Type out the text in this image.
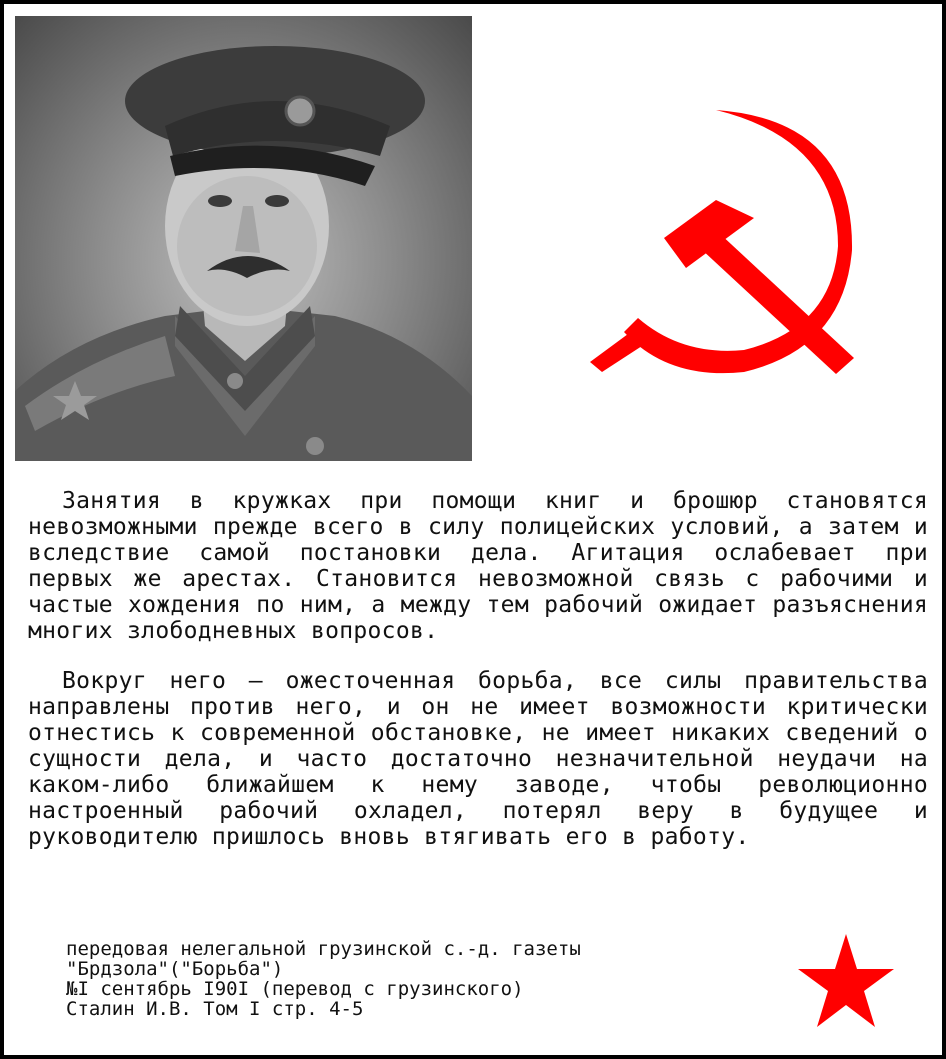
Занятия в кружках при помощи книг и брошюр становятся невозможными прежде всего в силу полицейских условий, а затем и вследствие самой постановки дела. Агитация ослабевает при первых же арестах. Становится невозможной связь с рабочими и частые хождения по ним, а между тем рабочий ожидает разъяснения многих злободневных вопросов.

Вокруг него — ожесточенная борьба, все силы правительства направлены против него, и он не имеет возможности критически отнестись к современной обстановке, не имеет никаких сведений о сущности дела, и часто достаточно незначительной неудачи на каком-либо ближайшем к нему заводе, чтобы революционно настроенный рабочий охладел, потерял веру в будущее и руководителю пришлось вновь втягивать его в работу.

передовая нелегальной грузинской с.-д. газеты
"Брдзола"("Борьба")
№I сентябрь I90I (перевод с грузинского)
Сталин И.В. Том I стр. 4-5
